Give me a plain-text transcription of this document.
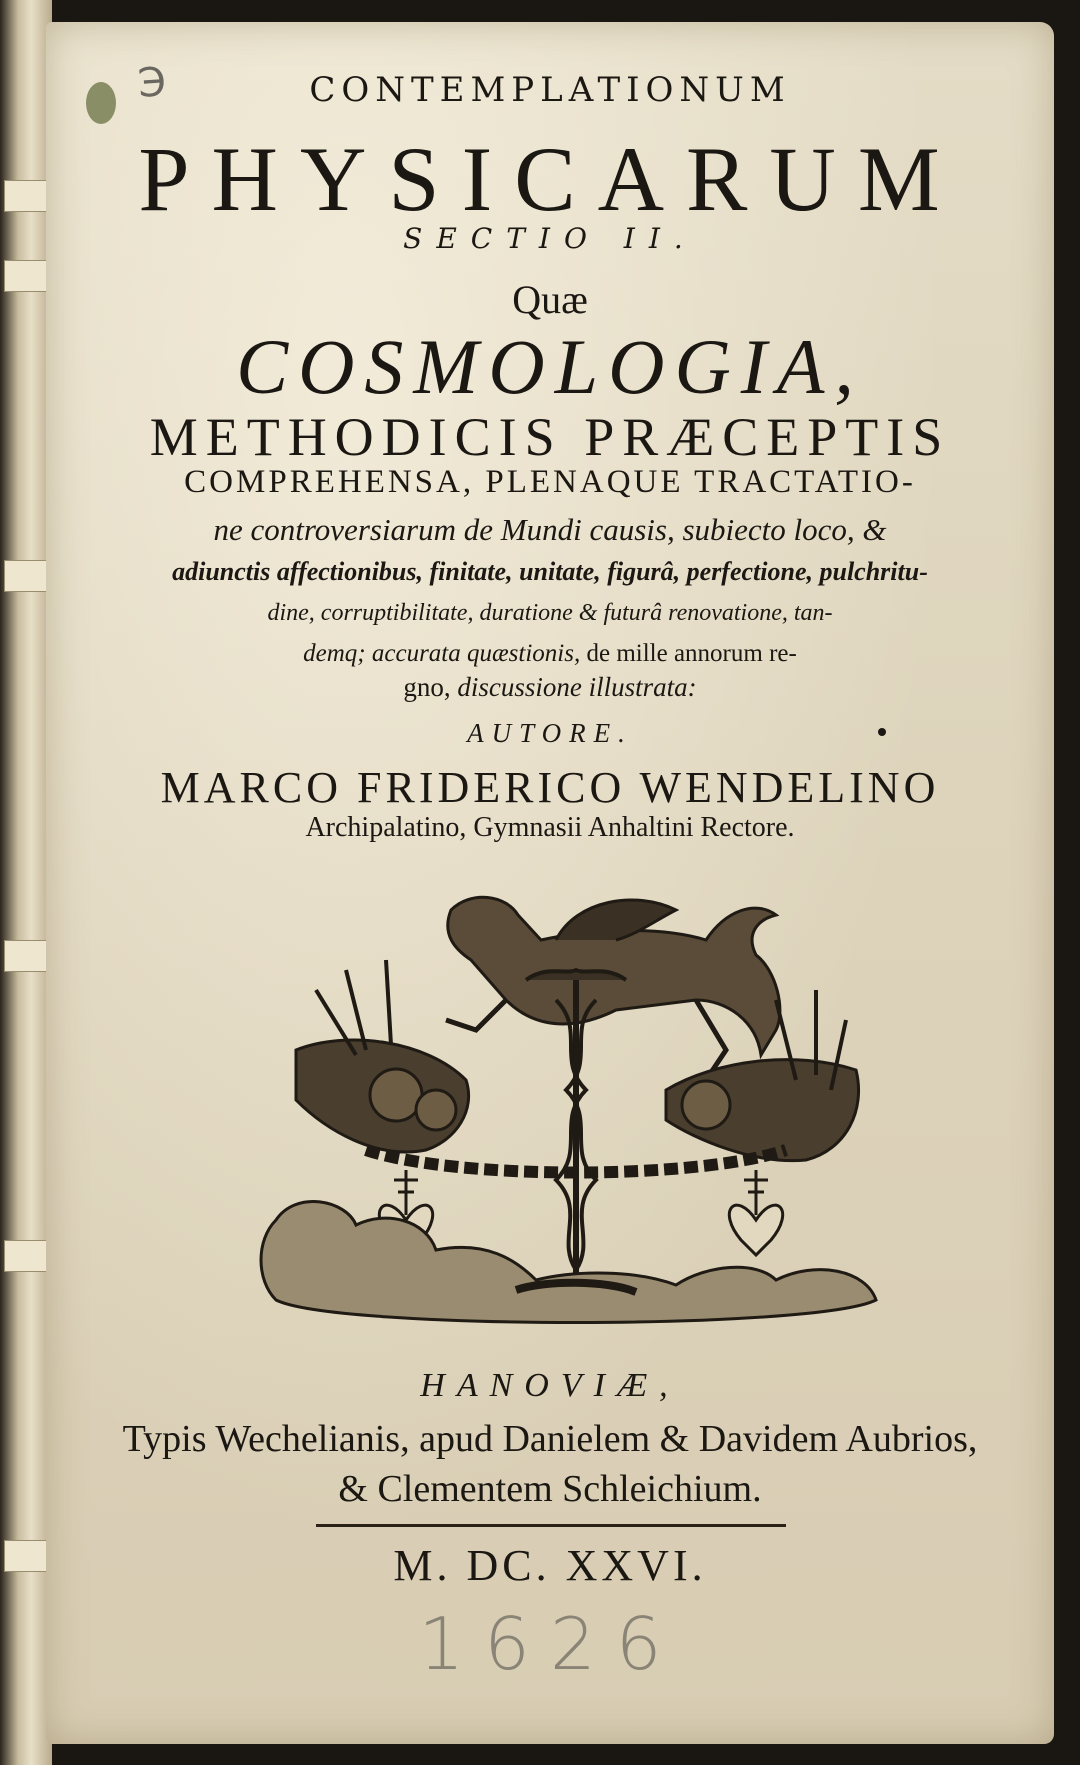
Э	CONTEMPLATIONUM
PHYSICARUM
SECTIO II.
Quæ
COSMOLOGIA,
METHODICIS PRÆCEPTIS
COMPREHENSA, PLENAQUE TRACTATIO-
ne controversiarum de Mundi causis, subiecto loco, &
adiunctis affectionibus, finitate, unitate, figurâ, perfectione, pulchritu-
dine, corruptibilitate, duratione & futurâ renovatione, tan-
demq; accurata quæstionis, de mille annorum re-
gno, discussione illustrata:
AUTORE.
MARCO FRIDERICO WENDELINO
Archipalatino, Gymnasii Anhaltini Rectore.
HANOVIÆ,
Typis Wechelianis, apud Danielem & Davidem Aubrios,
& Clementem Schleichium.
M. DC. XXVI.
1626
